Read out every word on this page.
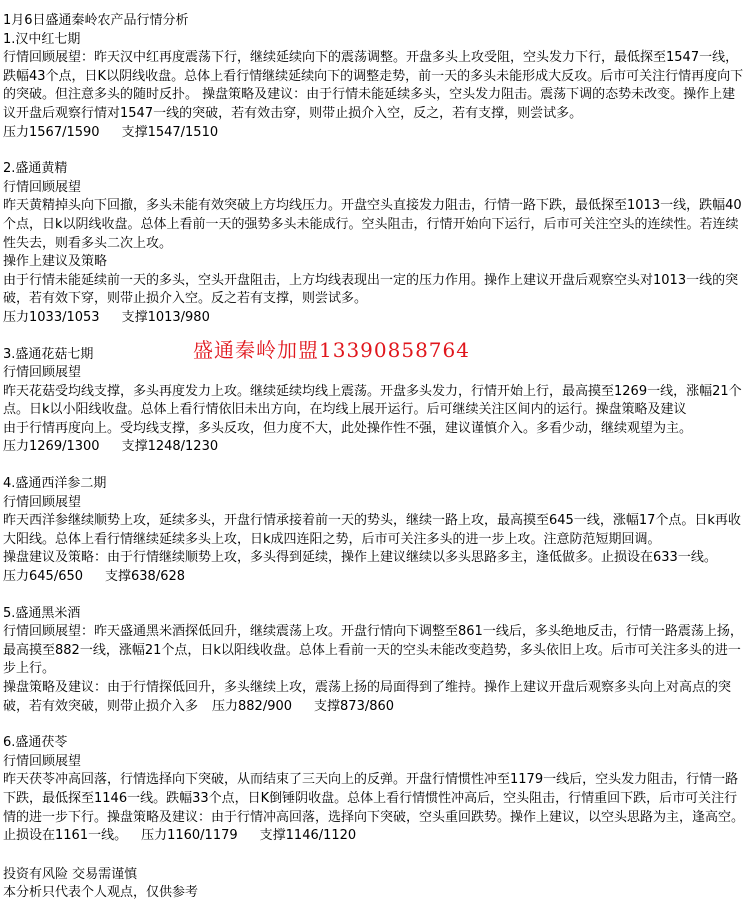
1月6日盛通秦岭农产品行情分析
1.汉中红七期
行情回顾展望：昨天汉中红再度震荡下行，继续延续向下的震荡调整。开盘多头上攻受阻，空头发力下行，最低探至1547一线，跌幅43个点，日K以阴线收盘。总体上看行情继续延续向下的调整走势，前一天的多头未能形成大反攻。后市可关注行情再度向下的突破。但注意多头的随时反扑。 操盘策略及建议：由于行情未能延续多头，空头发力阻击。震荡下调的态势未改变。操作上建议开盘后观察行情对1547一线的突破，若有效击穿，则带止损介入空，反之，若有支撑，则尝试多。
压力1567/1590 支撑1547/1510
2.盛通黄精
行情回顾展望
昨天黄精掉头向下回撤，多头未能有效突破上方均线压力。开盘空头直接发力阻击，行情一路下跌，最低探至1013一线，跌幅40个点，日k以阴线收盘。总体上看前一天的强势多头未能成行。空头阻击，行情开始向下运行，后市可关注空头的连续性。若连续性失去，则看多头二次上攻。
操作上建议及策略
由于行情未能延续前一天的多头，空头开盘阻击，上方均线表现出一定的压力作用。操作上建议开盘后观察空头对1013一线的突破，若有效下穿，则带止损介入空。反之若有支撑，则尝试多。
压力1033/1053 支撑1013/980
3.盛通花菇七期
行情回顾展望
昨天花菇受均线支撑，多头再度发力上攻。继续延续均线上震荡。开盘多头发力，行情开始上行，最高摸至1269一线，涨幅21个点。日k以小阳线收盘。总体上看行情依旧未出方向，在均线上展开运行。后可继续关注区间内的运行。操盘策略及建议
由于行情再度向上。受均线支撑，多头反攻，但力度不大，此处操作性不强，建议谨慎介入。多看少动，继续观望为主。
压力1269/1300 支撑1248/1230
4.盛通西洋参二期
行情回顾展望
昨天西洋参继续顺势上攻，延续多头，开盘行情承接着前一天的势头，继续一路上攻，最高摸至645一线，涨幅17个点。日k再收大阳线。总体上看行情继续延续多头上攻，日k成四连阳之势，后市可关注多头的进一步上攻。注意防范短期回调。
操盘建议及策略：由于行情继续顺势上攻，多头得到延续，操作上建议继续以多头思路多主，逢低做多。止损设在633一线。
压力645/650 支撑638/628
5.盛通黑米酒
行情回顾展望：昨天盛通黑米酒探低回升，继续震荡上攻。开盘行情向下调整至861一线后，多头绝地反击，行情一路震荡上扬，最高摸至882一线，涨幅21个点，日k以阳线收盘。总体上看前一天的空头未能改变趋势，多头依旧上攻。后市可关注多头的进一步上行。
操盘策略及建议：由于行情探低回升，多头继续上攻，震荡上扬的局面得到了维持。操作上建议开盘后观察多头向上对高点的突破，若有效突破，则带止损介入多 压力882/900 支撑873/860
6.盛通茯苓
行情回顾展望
昨天茯苓冲高回落，行情选择向下突破，从而结束了三天向上的反弹。开盘行情惯性冲至1179一线后，空头发力阻击，行情一路下跌，最低探至1146一线。跌幅33个点，日K倒锤阴收盘。总体上看行情惯性冲高后，空头阻击，行情重回下跌，后市可关注行情的进一步下行。操盘策略及建议：由于行情冲高回落，选择向下突破，空头重回跌势。操作上建议，以空头思路为主，逢高空。止损设在1161一线。 压力1160/1179 支撑1146/1120
投资有风险 交易需谨慎
本分析只代表个人观点，仅供参考
盛通秦岭加盟13390858764
